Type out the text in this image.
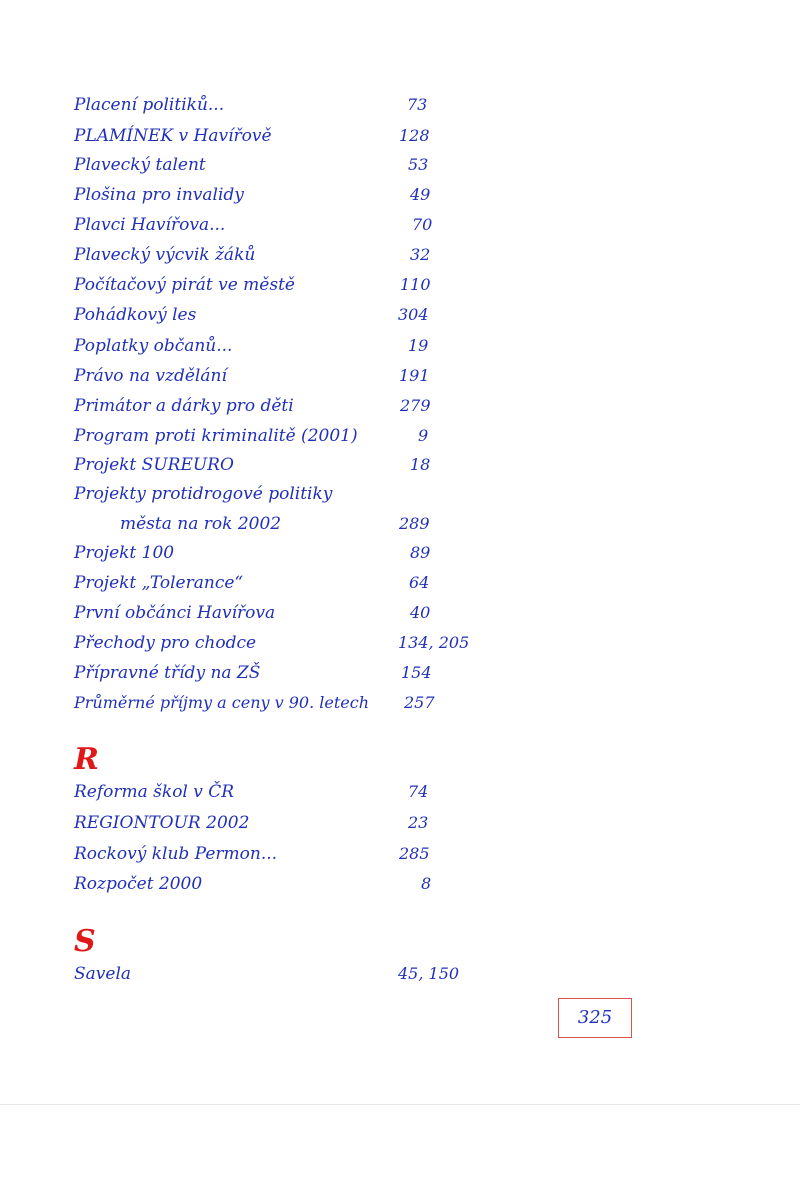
Placení politiků...	73
PLAMÍNEK v Havířově	128
Plavecký talent	53
Plošina pro invalidy	49
Plavci Havířova...	70
Plavecký výcvik žáků	32
Počítačový pirát ve městě	110
Pohádkový les	304
Poplatky občanů...	19
Právo na vzdělání	191
Primátor a dárky pro děti	279
Program proti kriminalitě (2001)	9
Projekt SUREURO	18
Projekty protidrogové politiky
města na rok 2002	289
Projekt 100	89
Projekt „Tolerance“	64
První občánci Havířova	40
Přechody pro chodce	134, 205
Přípravné třídy na ZŠ	154
Průměrné příjmy a ceny v 90. letech 257
R
Reforma škol v ČR	74
REGIONTOUR 2002	23
Rockový klub Permon...	285
Rozpočet 2000	8
S
Savela	45, 150
325
